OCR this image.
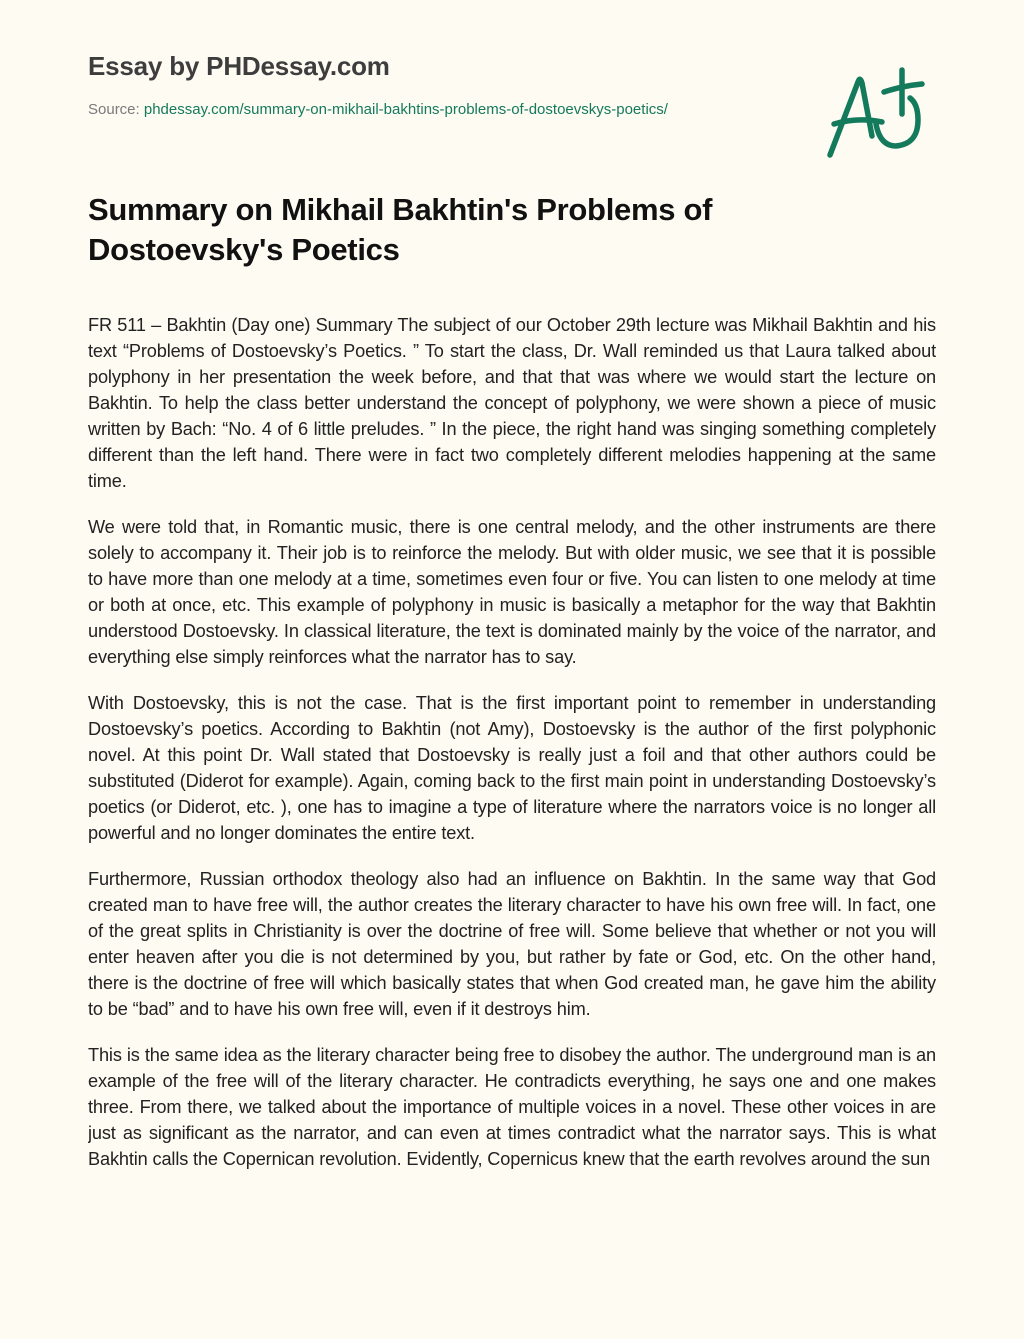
Essay by PHDessay.com
Source: phdessay.com/summary-on-mikhail-bakhtins-problems-of-dostoevskys-poetics/
Summary on Mikhail Bakhtin's Problems of Dostoevsky's Poetics

FR 511 – Bakhtin (Day one) Summary The subject of our October 29th lecture was Mikhail Bakhtin and his text “Problems of Dostoevsky’s Poetics. ” To start the class, Dr. Wall reminded us that Laura talked about polyphony in her presentation the week before, and that that was where we would start the lecture on Bakhtin. To help the class better understand the concept of polyphony, we were shown a piece of music written by Bach: “No. 4 of 6 little preludes. ” In the piece, the right hand was singing something completely different than the left hand. There were in fact two completely different melodies happening at the same time.

We were told that, in Romantic music, there is one central melody, and the other instruments are there solely to accompany it. Their job is to reinforce the melody. But with older music, we see that it is possible to have more than one melody at a time, sometimes even four or five. You can listen to one melody at time or both at once, etc. This example of polyphony in music is basically a metaphor for the way that Bakhtin understood Dostoevsky. In classical literature, the text is dominated mainly by the voice of the narrator, and everything else simply reinforces what the narrator has to say.

With Dostoevsky, this is not the case. That is the first important point to remember in understanding Dostoevsky’s poetics. According to Bakhtin (not Amy), Dostoevsky is the author of the first polyphonic novel. At this point Dr. Wall stated that Dostoevsky is really just a foil and that other authors could be substituted (Diderot for example). Again, coming back to the first main point in understanding Dostoevsky’s poetics (or Diderot, etc. ), one has to imagine a type of literature where the narrators voice is no longer all powerful and no longer dominates the entire text.

Furthermore, Russian orthodox theology also had an influence on Bakhtin. In the same way that God created man to have free will, the author creates the literary character to have his own free will. In fact, one of the great splits in Christianity is over the doctrine of free will. Some believe that whether or not you will enter heaven after you die is not determined by you, but rather by fate or God, etc. On the other hand, there is the doctrine of free will which basically states that when God created man, he gave him the ability to be “bad” and to have his own free will, even if it destroys him.

This is the same idea as the literary character being free to disobey the author. The underground man is an example of the free will of the literary character. He contradicts everything, he says one and one makes three. From there, we talked about the importance of multiple voices in a novel. These other voices in are just as significant as the narrator, and can even at times contradict what the narrator says. This is what Bakhtin calls the Copernican revolution. Evidently, Copernicus knew that the earth revolves around the sun
